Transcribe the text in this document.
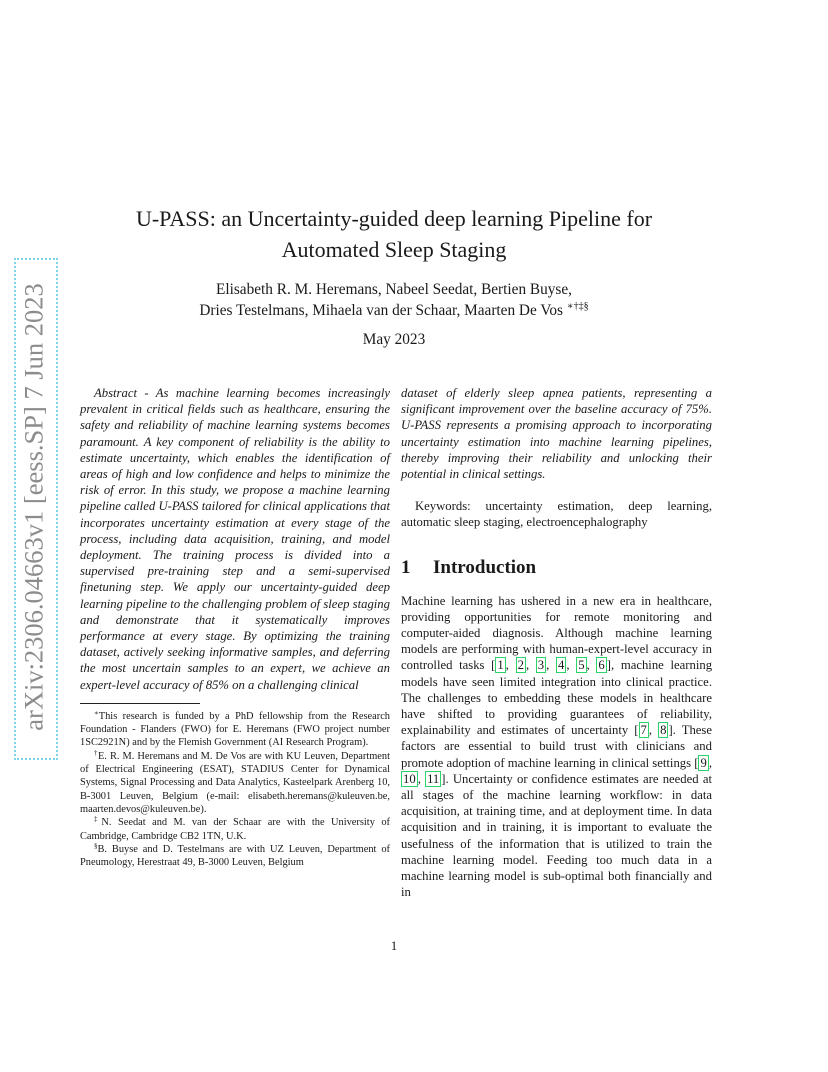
arXiv:2306.04663v1 [eess.SP] 7 Jun 2023
U-PASS: an Uncertainty-guided deep learning Pipeline for
Automated Sleep Staging
Elisabeth R. M. Heremans, Nabeel Seedat, Bertien Buyse,
Dries Testelmans, Mihaela van der Schaar, Maarten De Vos ∗†‡§
May 2023

Abstract - As machine learning becomes increasingly prevalent in critical fields such as healthcare, ensuring the safety and reliability of machine learning systems becomes paramount. A key component of reliability is the ability to estimate uncertainty, which enables the identification of areas of high and low confidence and helps to minimize the risk of error. In this study, we propose a machine learning pipeline called U-PASS tailored for clinical applications that incorporates uncertainty estimation at every stage of the process, including data acquisition, training, and model deployment. The training process is divided into a supervised pre-training step and a semi-supervised finetuning step. We apply our uncertainty-guided deep learning pipeline to the challenging problem of sleep staging and demonstrate that it systematically improves performance at every stage. By optimizing the training dataset, actively seeking informative samples, and deferring the most uncertain samples to an expert, we achieve an expert-level accuracy of 85% on a challenging clinical

∗This research is funded by a PhD fellowship from the Research Foundation - Flanders (FWO) for E. Heremans (FWO project number 1SC2921N) and by the Flemish Government (AI Research Program).

†E. R. M. Heremans and M. De Vos are with KU Leuven, Department of Electrical Engineering (ESAT), STADIUS Center for Dynamical Systems, Signal Processing and Data Analytics, Kasteelpark Arenberg 10, B-3001 Leuven, Belgium (e-mail: elisabeth.heremans@kuleuven.be, maarten.devos@kuleuven.be).

‡N. Seedat and M. van der Schaar are with the University of Cambridge, Cambridge CB2 1TN, U.K.

§B. Buyse and D. Testelmans are with UZ Leuven, Department of Pneumology, Herestraat 49, B-3000 Leuven, Belgium

dataset of elderly sleep apnea patients, representing a significant improvement over the baseline accuracy of 75%. U-PASS represents a promising approach to incorporating uncertainty estimation into machine learning pipelines, thereby improving their reliability and unlocking their potential in clinical settings.

Keywords: uncertainty estimation, deep learning, automatic sleep staging, electroencephalography

1 Introduction

Machine learning has ushered in a new era in healthcare, providing opportunities for remote monitoring and computer-aided diagnosis. Although machine learning models are performing with human-expert-level accuracy in controlled tasks [ 1 , 2 , 3 , 4 , 5 , 6 ], machine learning models have seen limited integration into clinical practice. The challenges to embedding these models in healthcare have shifted to providing guarantees of reliability, explainability and estimates of uncertainty [ 7 , 8 ]. These factors are essential to build trust with clinicians and promote adoption of machine learning in clinical settings [ 9 , 10 , 11 ]. Uncertainty or confidence estimates are needed at all stages of the machine learning workflow: in data acquisition, at training time, and at deployment time. In data acquisition and in training, it is important to evaluate the usefulness of the information that is utilized to train the machine learning model. Feeding too much data in a machine learning model is sub-optimal both financially and in

1
